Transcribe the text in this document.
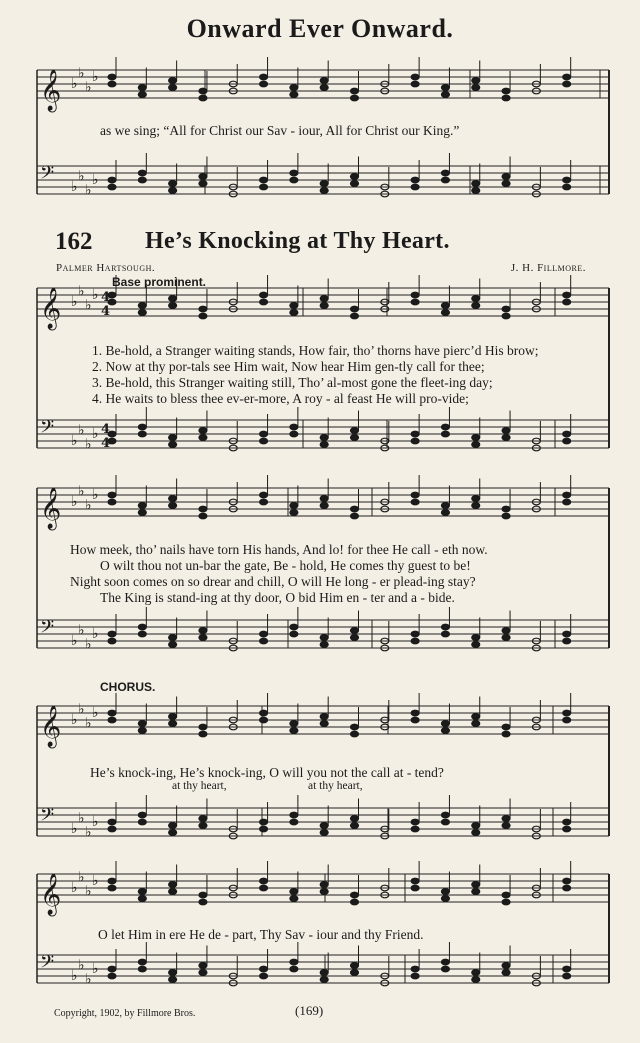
Onward Ever Onward.
162 He’s Knocking at Thy Heart.
Palmer Hartsough.	J. H. Fillmore.
Base prominent.
𝄞 ♭
♭
♭
♭
𝄢 ♭
♭
♭
♭
𝄞 ♭
♭
♭
♭
𝄢 ♭
♭
♭
♭
𝄞 ♭
♭
♭
♭
𝄢 ♭
♭
♭
♭
𝄞 ♭
♭
♭
♭
𝄢 ♭
♭
♭
♭
𝄞 ♭
♭
♭
♭
𝄢 ♭
♭
♭
♭
4
4
4
4
as we sing; “All for Christ our Sav - iour, All for Christ our King.”
1. Be-hold, a Stranger waiting stands, How fair, tho’ thorns have pierc’d His brow;
2. Now at thy por-tals see Him wait, Now hear Him gen-tly call for thee;
3. Be-hold, this Stranger waiting still, Tho’ al-most gone the fleet-ing day;
4. He waits to bless thee ev-er-more, A roy - al feast He will pro-vide;
How meek, tho’ nails have torn His hands, And lo! for thee He call - eth now.
O wilt thou not un-bar the gate, Be - hold, He comes thy guest to be!
Night soon comes on so drear and chill, O will He long - er plead-ing stay?
The King is stand-ing at thy door, O bid Him en - ter and a - bide.
CHORUS.
He’s knock-ing, He’s knock-ing, O will you not the call at - tend?
at thy heart,	at thy heart,
O let Him in ere He de - part, Thy Sav - iour and thy Friend.
Copyright, 1902, by Fillmore Bros.	(169)
